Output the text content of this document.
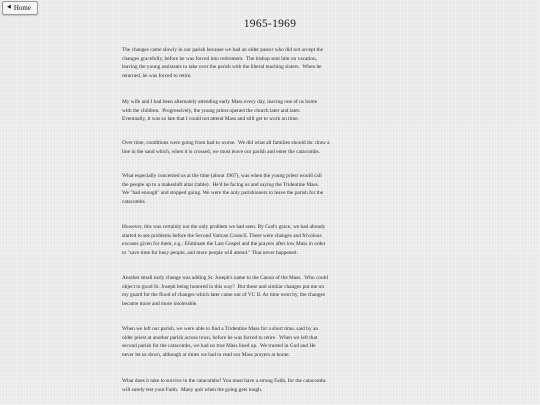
◀ Home
1965-1969
The changes came slowly in our parish because we had an older pastor who did not accept the
changes gracefully, before he was forced into retirement.  The bishop sent him on vacation,
leaving the young assistants to take over the parish with the liberal teaching sisters.  When he
returned, he was forced to retire.
My wife and I had been alternately attending early Mass every day, leaving one of us home
with the children.  Progressively, the young priest opened the church later and later.
Eventually, it was so late that I could not attend Mass and still get to work on time.
Over time, conditions were going from bad to worse.  We did what all families should do: draw a
line in the sand which, when it is crossed, we must leave our parish and enter the catacombs.
What especially concerned us at the time (about 1967), was when the young priest would call
the people up to a makeshift altar (table).  He'd be facing us and saying the Tridentine Mass.
We "had enough" and stopped going. We were the only parishioners to leave the parish for the
catacombs.
However, this was certainly not the only problem we had seen. By God's grace, we had already
started to see problems before the Second Vatican Council. There were changes and frivolous
excuses given for them, e.g.: Eliminate the Last Gospel and the prayers after low Mass in order
to "save time for busy people, and more people will attend." That never happened.
Another small early change was adding St. Joseph's name to the Canon of the Mass.  Who could
object to good St. Joseph being honored in this way?  But these and similar changes put me on
my guard for the flood of changes which later came out of VC II. As time went by, the changes
became more and more intolerable.
When we left our parish, we were able to find a Tridentine Mass for a short time, said by an
older priest at another parish across town, before he was forced to retire.  When we left that
second parish for the catacombs, we had no true Mass lined up.  We trusted in God and He
never let us down, although at times we had to read our Mass prayers at home.
What does it take to survive in the catacombs? You must have a strong Faith, for the catacombs
will surely test your Faith.  Many quit when the going gets tough.
